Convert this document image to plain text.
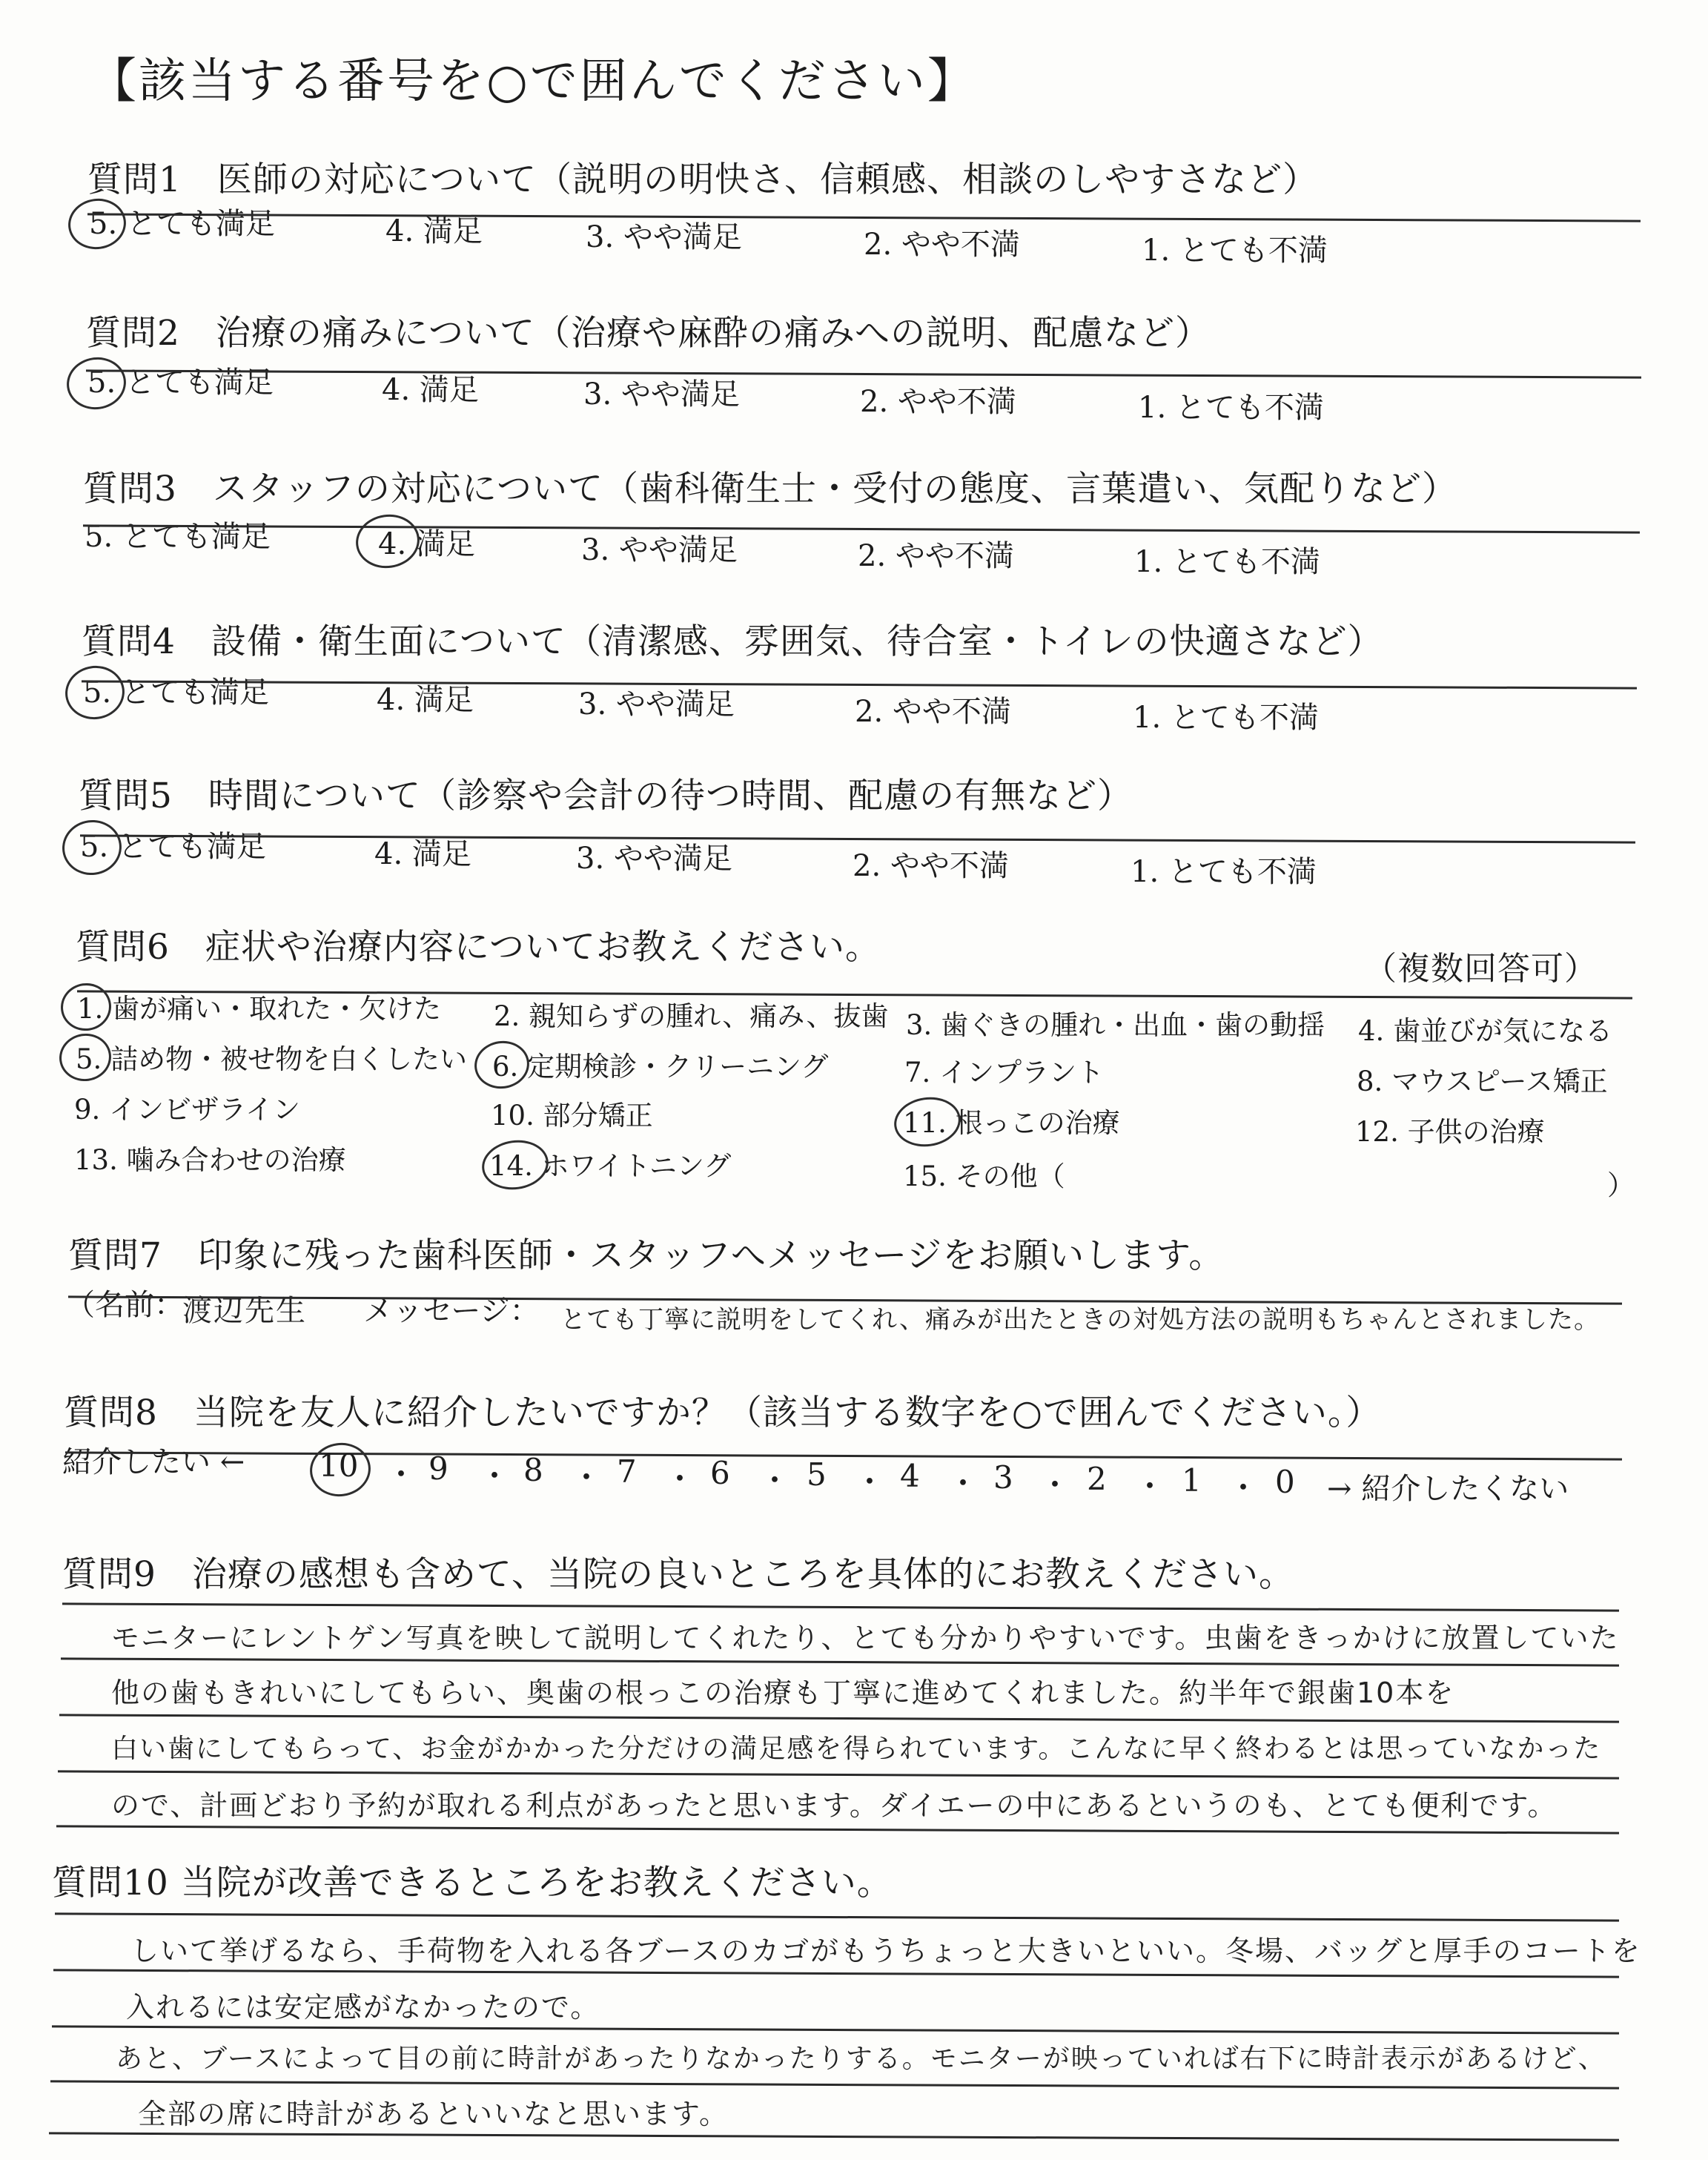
【該当する番号を○で囲んでください】
質問1　医師の対応について（説明の明快さ、信頼感、相談のしやすさなど）
5. とても満足	4. 満足	3. やや満足	2. やや不満	1. とても不満
質問2　治療の痛みについて（治療や麻酔の痛みへの説明、配慮など）
5. とても満足	4. 満足	3. やや満足	2. やや不満	1. とても不満
質問3　スタッフの対応について（歯科衛生士・受付の態度、言葉遣い、気配りなど）
5. とても満足	4. 満足	3. やや満足	2. やや不満	1. とても不満
質問4　設備・衛生面について（清潔感、雰囲気、待合室・トイレの快適さなど）
5. とても満足	4. 満足	3. やや満足	2. やや不満	1. とても不満
質問5　時間について（診察や会計の待つ時間、配慮の有無など）
5. とても満足	4. 満足	3. やや満足	2. やや不満	1. とても不満
質問6　症状や治療内容についてお教えください。
（複数回答可）
1. 歯が痛い・取れた・欠けた 2. 親知らずの腫れ、痛み、抜歯 3. 歯ぐきの腫れ・出血・歯の動揺 4. 歯並びが気になる
5. 詰め物・被せ物を白くしたい 6. 定期検診・クリーニング	7. インプラント	8. マウスピース矯正
9. インビザライン	10. 部分矯正	11. 根っこの治療	12. 子供の治療
13. 噛み合わせの治療	14. ホワイトニング	15. その他（	）
質問7　印象に残った歯科医師・スタッフへメッセージをお願いします。
（名前：
渡辺先生 メッセージ： とても丁寧に説明をしてくれ、痛みが出たときの対処方法の説明もちゃんとされました。
質問8　当院を友人に紹介したいですか？（該当する数字を○で囲んでください。）
紹介したい ← 10 ・ 9 ・ 8 ・ 7 ・ 6 ・ 5 ・ 4 ・ 3 ・ 2 ・ 1 ・ 0 → 紹介したくない
質問9　治療の感想も含めて、当院の良いところを具体的にお教えください。
モニターにレントゲン写真を映して説明してくれたり、とても分かりやすいです。虫歯をきっかけに放置していた
他の歯もきれいにしてもらい、奥歯の根っこの治療も丁寧に進めてくれました。約半年で銀歯10本を
白い歯にしてもらって、お金がかかった分だけの満足感を得られています。こんなに早く終わるとは思っていなかった
ので、計画どおり予約が取れる利点があったと思います。ダイエーの中にあるというのも、とても便利です。
質問10 当院が改善できるところをお教えください。
しいて挙げるなら、手荷物を入れる各ブースのカゴがもうちょっと大きいといい。冬場、バッグと厚手のコートを
入れるには安定感がなかったので。
あと、ブースによって目の前に時計があったりなかったりする。モニターが映っていれば右下に時計表示があるけど、
全部の席に時計があるといいなと思います。
